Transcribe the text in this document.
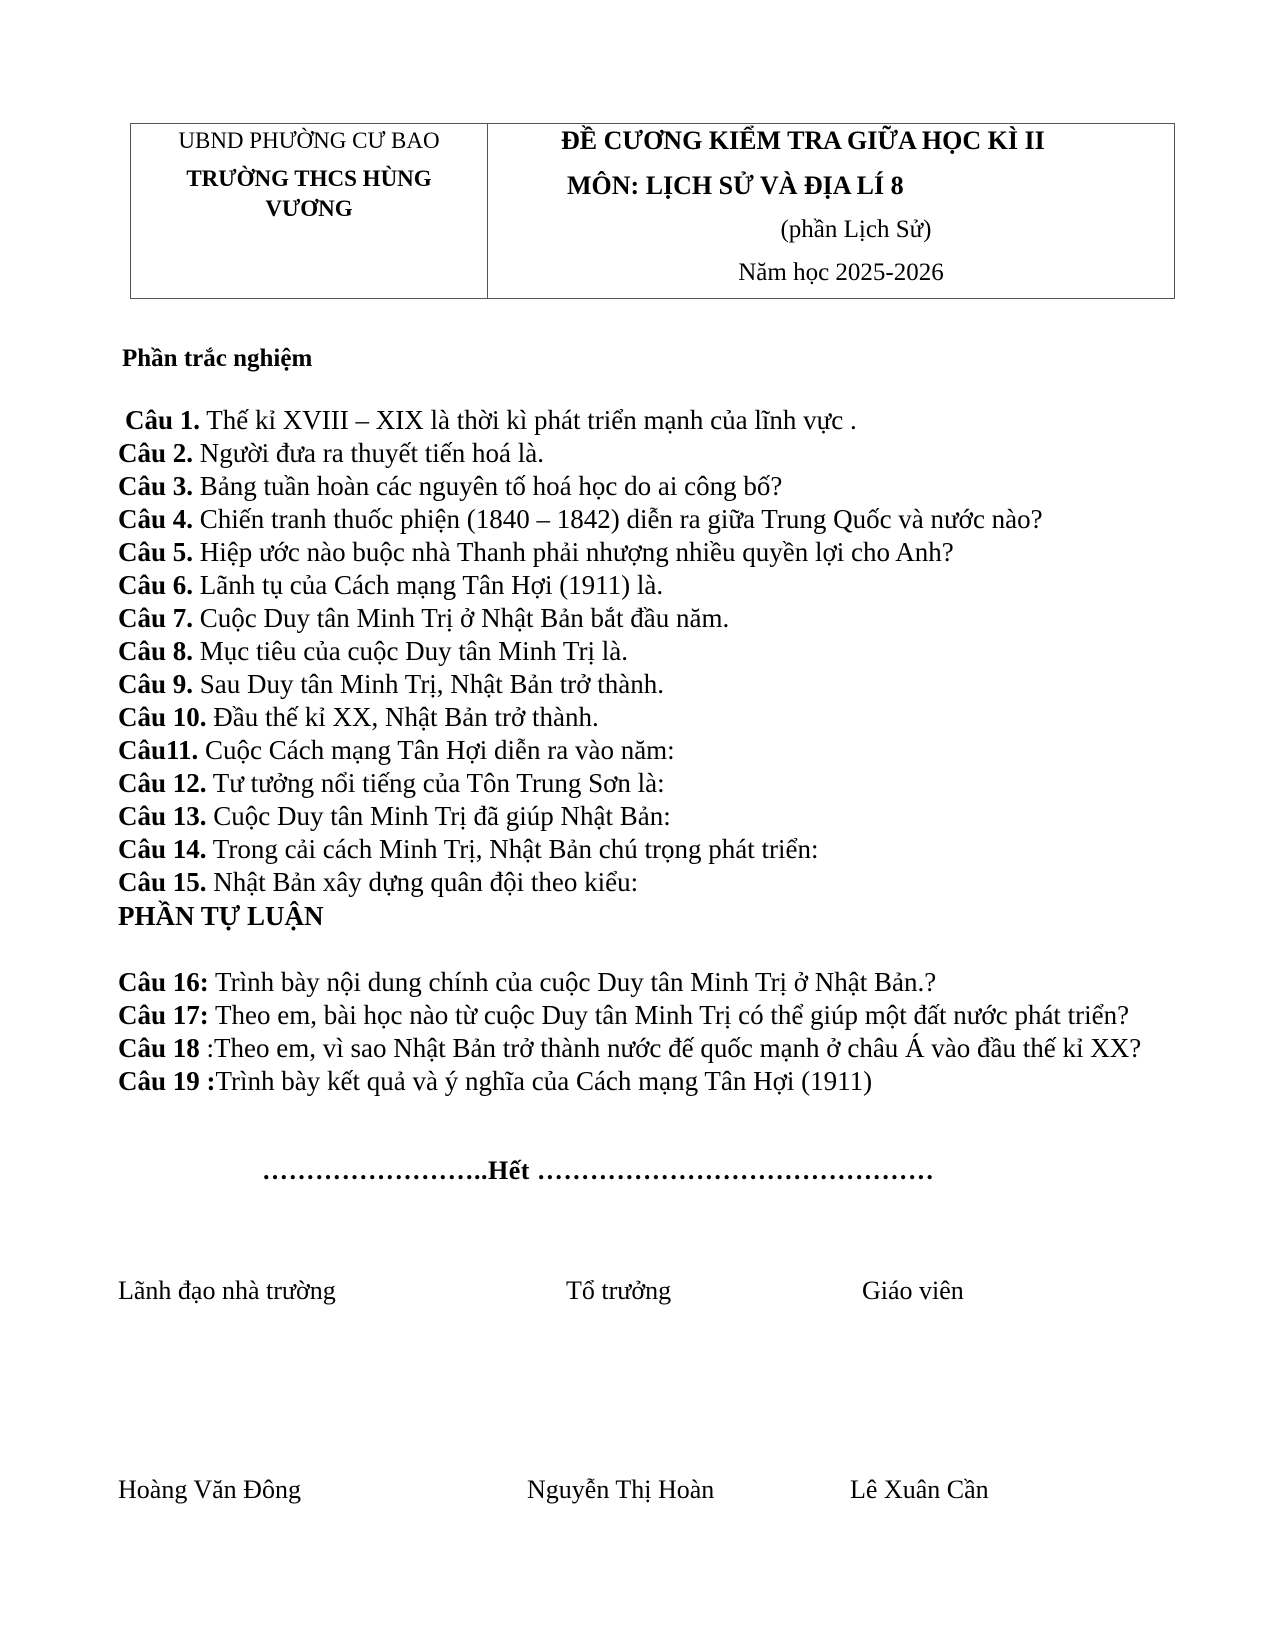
UBND PHƯỜNG CƯ BAO
TRƯỜNG THCS HÙNG VƯƠNG
ĐỀ CƯƠNG KIỂM TRA GIỮA HỌC KÌ II
MÔN: LỊCH SỬ VÀ ĐỊA LÍ 8
(phần Lịch Sử)
Năm học 2025-2026
Phần trắc nghiệm
Câu 1. Thế kỉ XVIII – XIX là thời kì phát triển mạnh của lĩnh vực .
Câu 2. Người đưa ra thuyết tiến hoá là.
Câu 3. Bảng tuần hoàn các nguyên tố hoá học do ai công bố?
Câu 4. Chiến tranh thuốc phiện (1840 – 1842) diễn ra giữa Trung Quốc và nước nào?
Câu 5. Hiệp ước nào buộc nhà Thanh phải nhượng nhiều quyền lợi cho Anh?
Câu 6. Lãnh tụ của Cách mạng Tân Hợi (1911) là.
Câu 7. Cuộc Duy tân Minh Trị ở Nhật Bản bắt đầu năm.
Câu 8. Mục tiêu của cuộc Duy tân Minh Trị là.
Câu 9. Sau Duy tân Minh Trị, Nhật Bản trở thành.
Câu 10. Đầu thế kỉ XX, Nhật Bản trở thành.
Câu11. Cuộc Cách mạng Tân Hợi diễn ra vào năm:
Câu 12. Tư tưởng nổi tiếng của Tôn Trung Sơn là:
Câu 13. Cuộc Duy tân Minh Trị đã giúp Nhật Bản:
Câu 14. Trong cải cách Minh Trị, Nhật Bản chú trọng phát triển:
Câu 15. Nhật Bản xây dựng quân đội theo kiểu:
PHẦN TỰ LUẬN
Câu 16: Trình bày nội dung chính của cuộc Duy tân Minh Trị ở Nhật Bản.?
Câu 17: Theo em, bài học nào từ cuộc Duy tân Minh Trị có thể giúp một đất nước phát triển?
Câu 18 :Theo em, vì sao Nhật Bản trở thành nước đế quốc mạnh ở châu Á vào đầu thế kỉ XX?
Câu 19 :Trình bày kết quả và ý nghĩa của Cách mạng Tân Hợi (1911)
……………………..Hết ………………………………………
Lãnh đạo nhà trường	Tổ trưởng	Giáo viên
Hoàng Văn Đông	Nguyễn Thị Hoàn	Lê Xuân Cần
